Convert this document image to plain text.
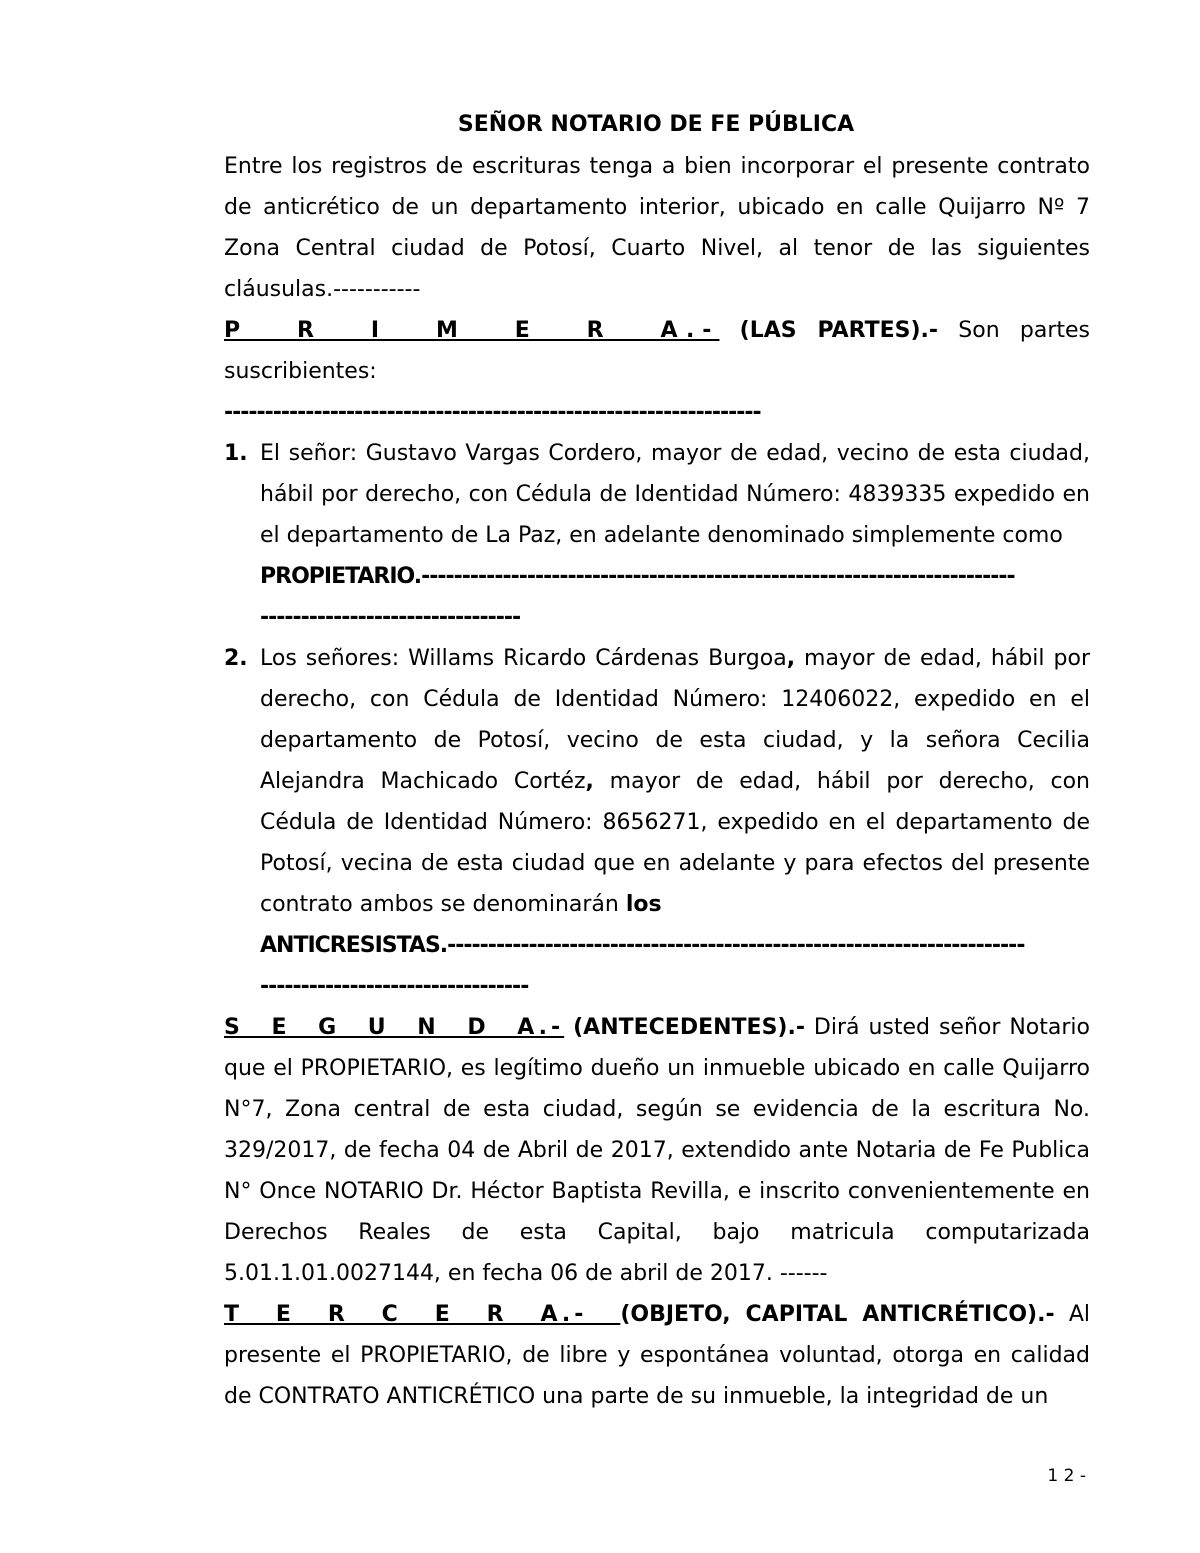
SEÑOR NOTARIO DE FE PÚBLICA

Entre los registros de escrituras tenga a bien incorporar el presente contrato de anticrético de un departamento interior, ubicado en calle Quijarro Nº 7 Zona Central ciudad de Potosí, Cuarto Nivel, al tenor de las siguientes cláusulas.-----------

P R I M E R A.- (LAS PARTES).- Son partes suscribientes:

------------------------------------------------------------------
1. El señor: Gustavo Vargas Cordero, mayor de edad, vecino de esta ciudad, hábil por derecho, con Cédula de Identidad Número: 4839335 expedido en el departamento de La Paz, en adelante denominado simplemente como

PROPIETARIO.-------------------------------------------------------------------------
--------------------------------
2. Los señores: Willams Ricardo Cárdenas Burgoa, mayor de edad, hábil por derecho, con Cédula de Identidad Número: 12406022, expedido en el departamento de Potosí, vecino de esta ciudad, y la señora Cecilia Alejandra Machicado Cortéz, mayor de edad, hábil por derecho, con Cédula de Identidad Número: 8656271, expedido en el departamento de Potosí, vecina de esta ciudad que en adelante y para efectos del presente contrato ambos se denominarán los

ANTICRESISTAS.-----------------------------------------------------------------------
---------------------------------

S E G U N D A.- (ANTECEDENTES).- Dirá usted señor Notario que el PROPIETARIO, es legítimo dueño un inmueble ubicado en calle Quijarro N°7, Zona central de esta ciudad, según se evidencia de la escritura No. 329/2017, de fecha 04 de Abril de 2017, extendido ante Notaria de Fe Publica N° Once NOTARIO Dr. Héctor Baptista Revilla, e inscrito convenientemente en Derechos Reales de esta Capital, bajo matricula computarizada 5.01.1.01.0027144, en fecha 06 de abril de 2017. ------

T E R C E R A.- (OBJETO, CAPITAL ANTICRÉTICO).- Al presente el PROPIETARIO, de libre y espontánea voluntad, otorga en calidad de CONTRATO ANTICRÉTICO una parte de su inmueble, la integridad de un

1 2 -
